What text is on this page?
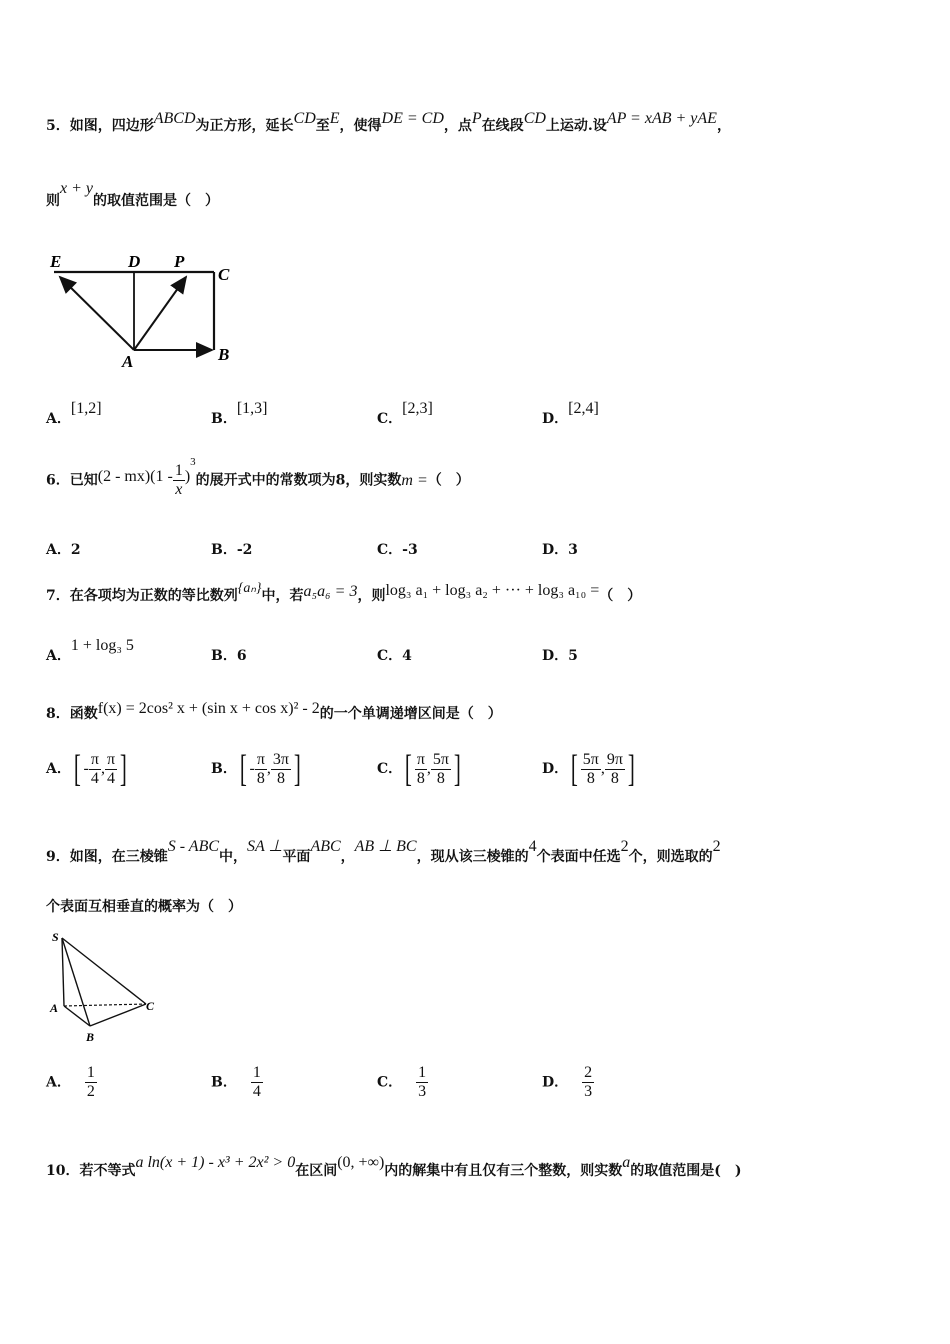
5．如图，四边形ABCD为正方形，延长CD至E，使得DE = CD，点P在线段CD上运动.设AP = xAB + yAE，
则x + y的取值范围是（　）
E	D P
C
A	B
A．[1,2]
B．[1,3]
C．[2,3]
D．[2,4]
6．已知$(2 - mx)(1 - \frac{1}{x} )^3$的展开式中的常数项为8，则实数m =（　）
A．2	B．-2	C．-3	D．3
7．在各项均为正数的等比数列{aₙ}中，若a₅a₆ = 3，则log₃ a₁ + log₃ a₂ + ··· + log₃ a₁₀ =（　）
A．1 + log₃ 5
B．6	C．4	D．5
8．函数f(x) = 2cos² x + (sin x + cos x)² - 2的一个单调递增区间是（　）
A．[ - $\frac{\pi}{4}$ , $\frac{\pi}{4}$ ]	B．[ - $\frac{\pi}{8}$ , $\frac{3\pi}{8}$ ]	C．[ $\frac{\pi}{8}$ , $\frac{5\pi}{8}$ ]	D．[ $\frac{5\pi}{8}$ , $\frac{9\pi}{8}$ ]
9．如图，在三棱锥S - ABC中，SA ⊥平面ABC，AB ⊥ BC，现从该三棱锥的4个表面中任选2个，则选取的2
个表面互相垂直的概率为（　）
S
A	C
B
A． $\frac{1}{2}$	B． $\frac{1}{4}$	C． $\frac{1}{3}$	D． $\frac{2}{3}$
10．若不等式a ln(x + 1) - x³ + 2x² > 0在区间(0, +∞)内的解集中有且仅有三个整数，则实数a的取值范围是(　)
